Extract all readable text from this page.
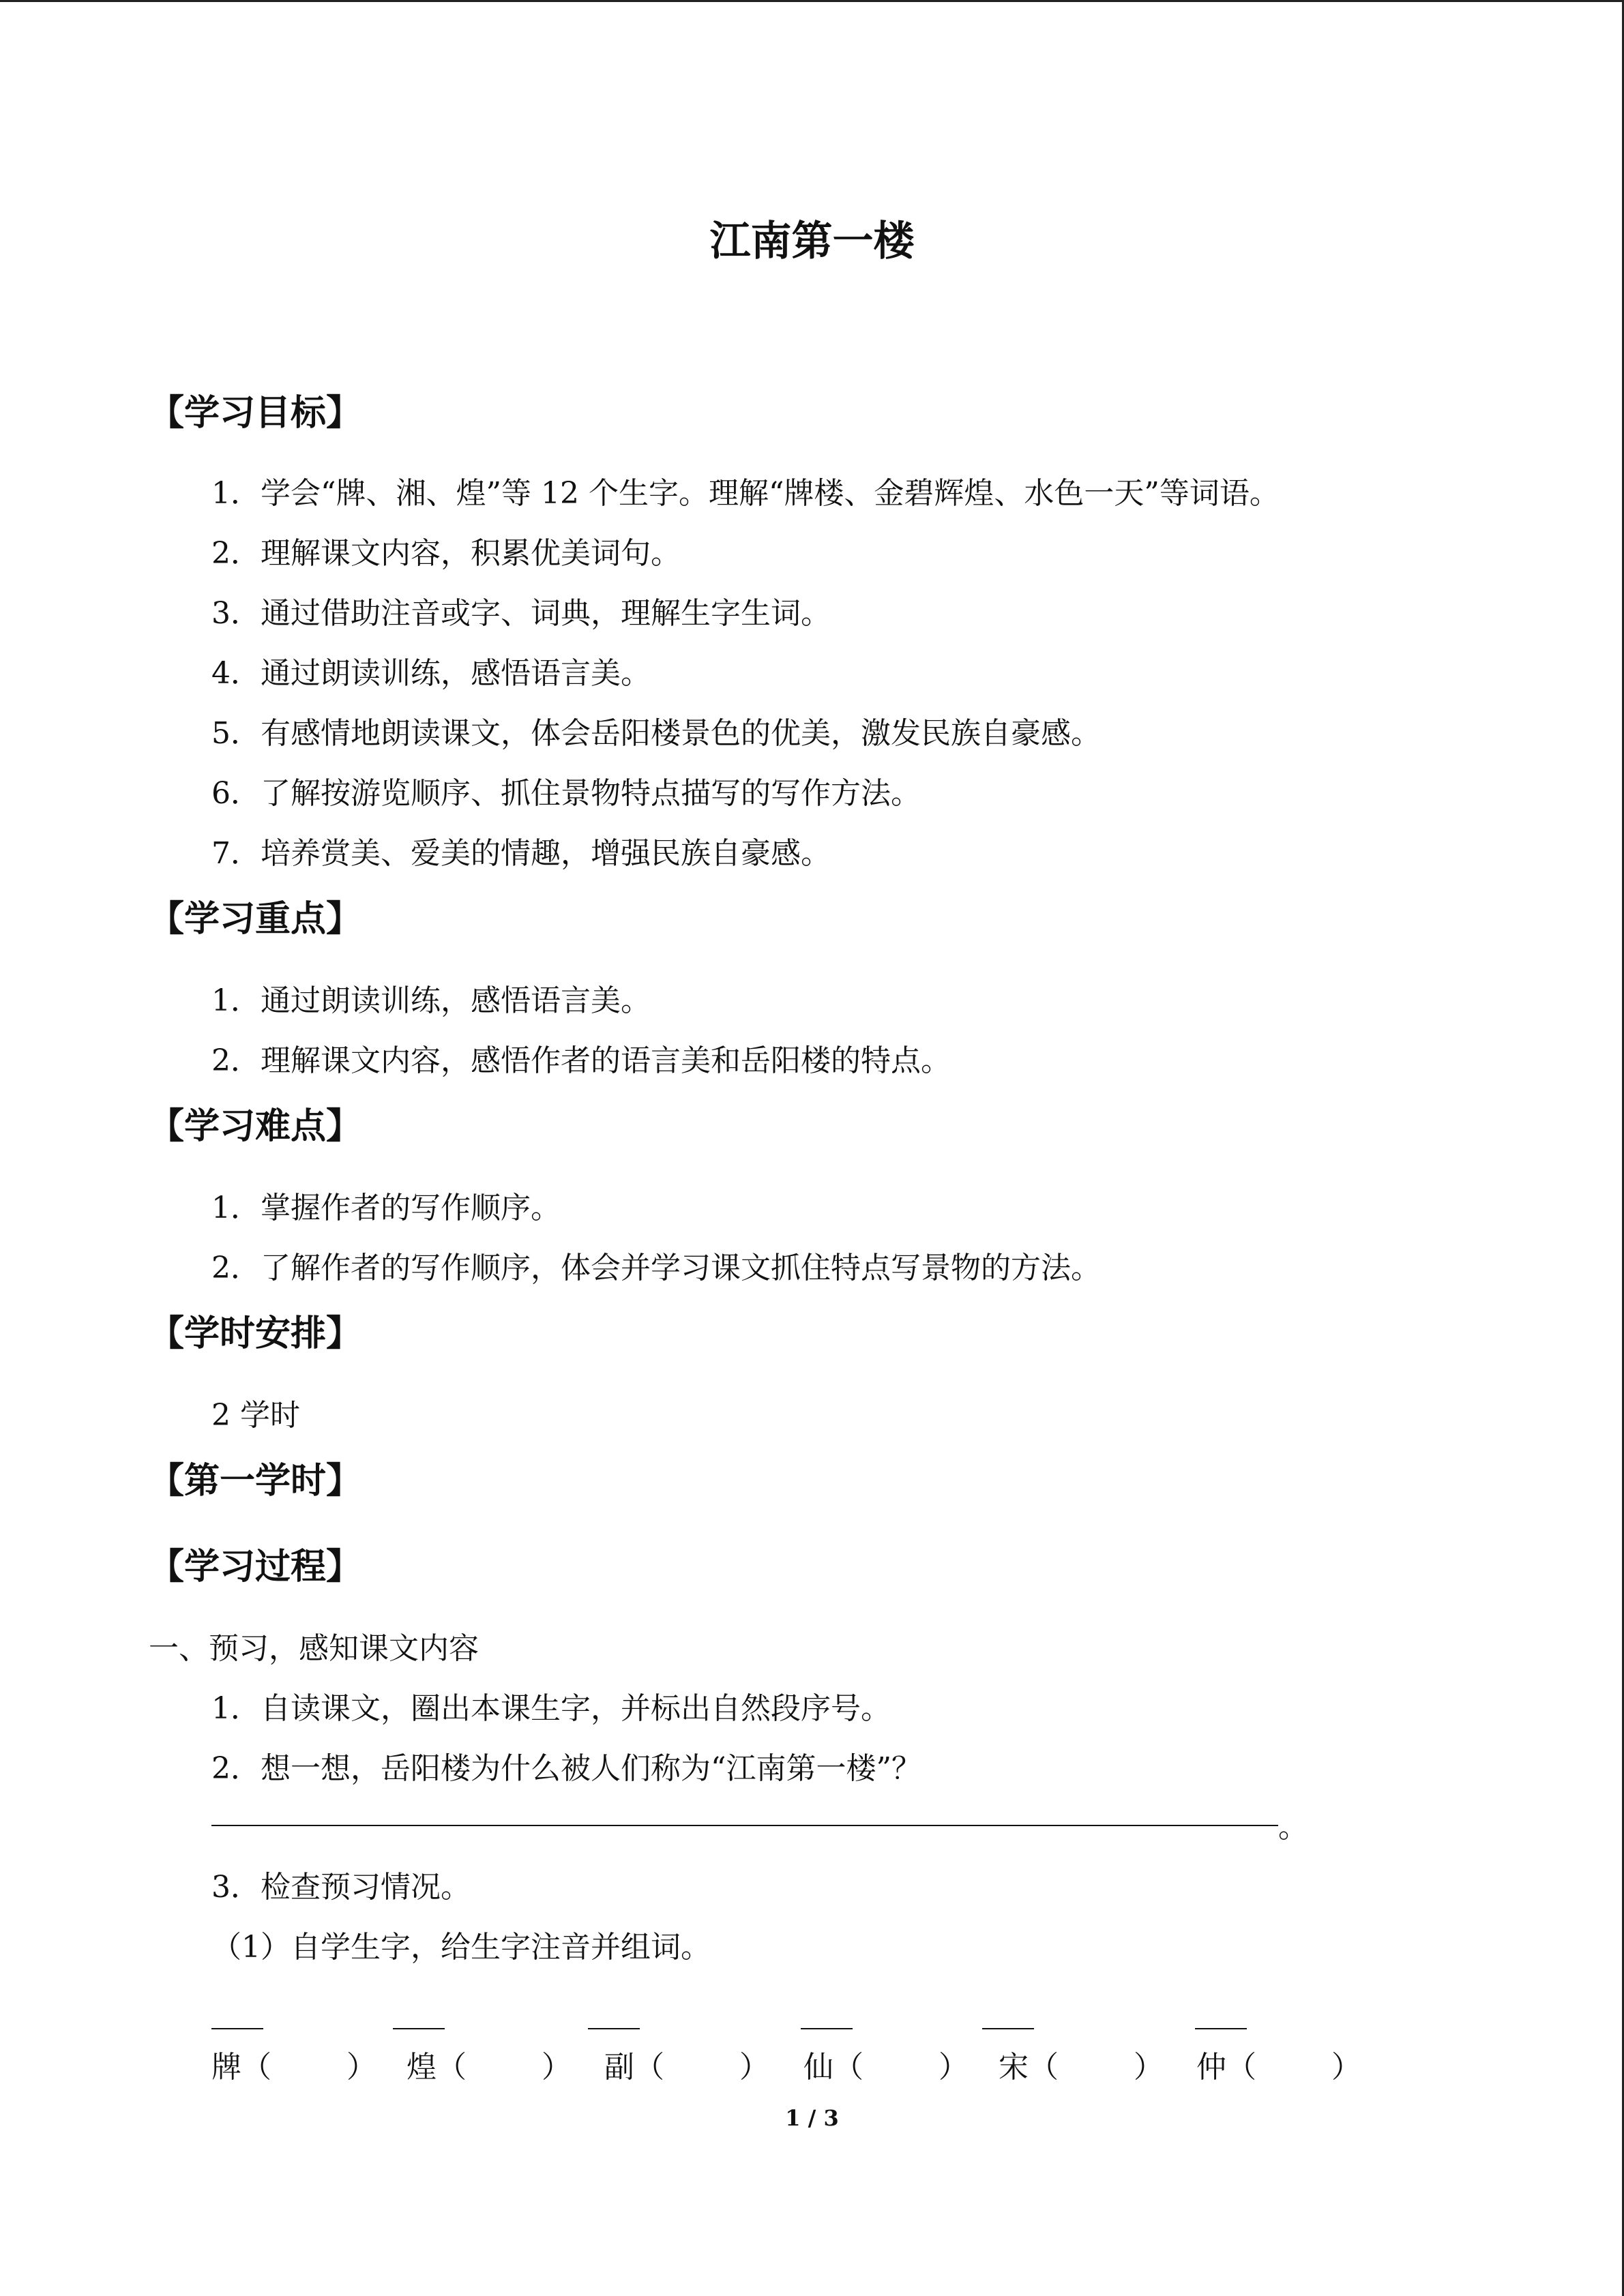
江南第一楼
【学习目标】
1．学会“牌、湘、煌”等 12 个生字。理解“牌楼、金碧辉煌、水色一天”等词语。
2．理解课文内容，积累优美词句。
3．通过借助注音或字、词典，理解生字生词。
4．通过朗读训练，感悟语言美。
5．有感情地朗读课文，体会岳阳楼景色的优美，激发民族自豪感。
6．了解按游览顺序、抓住景物特点描写的写作方法。
7．培养赏美、爱美的情趣，增强民族自豪感。
【学习重点】
1．通过朗读训练，感悟语言美。
2．理解课文内容，感悟作者的语言美和岳阳楼的特点。
【学习难点】
1．掌握作者的写作顺序。
2．了解作者的写作顺序，体会并学习课文抓住特点写景物的方法。
【学时安排】
2 学时
【第一学时】
【学习过程】
一、预习，感知课文内容
1．自读课文，圈出本课生字，并标出自然段序号。
2．想一想，岳阳楼为什么被人们称为“江南第一楼”？
。
3．检查预习情况。
（1）自学生字，给生字注音并组词。
牌（	） 煌（	） 副（	） 仙（	） 宋（	） 仲（	）
1 / 3
